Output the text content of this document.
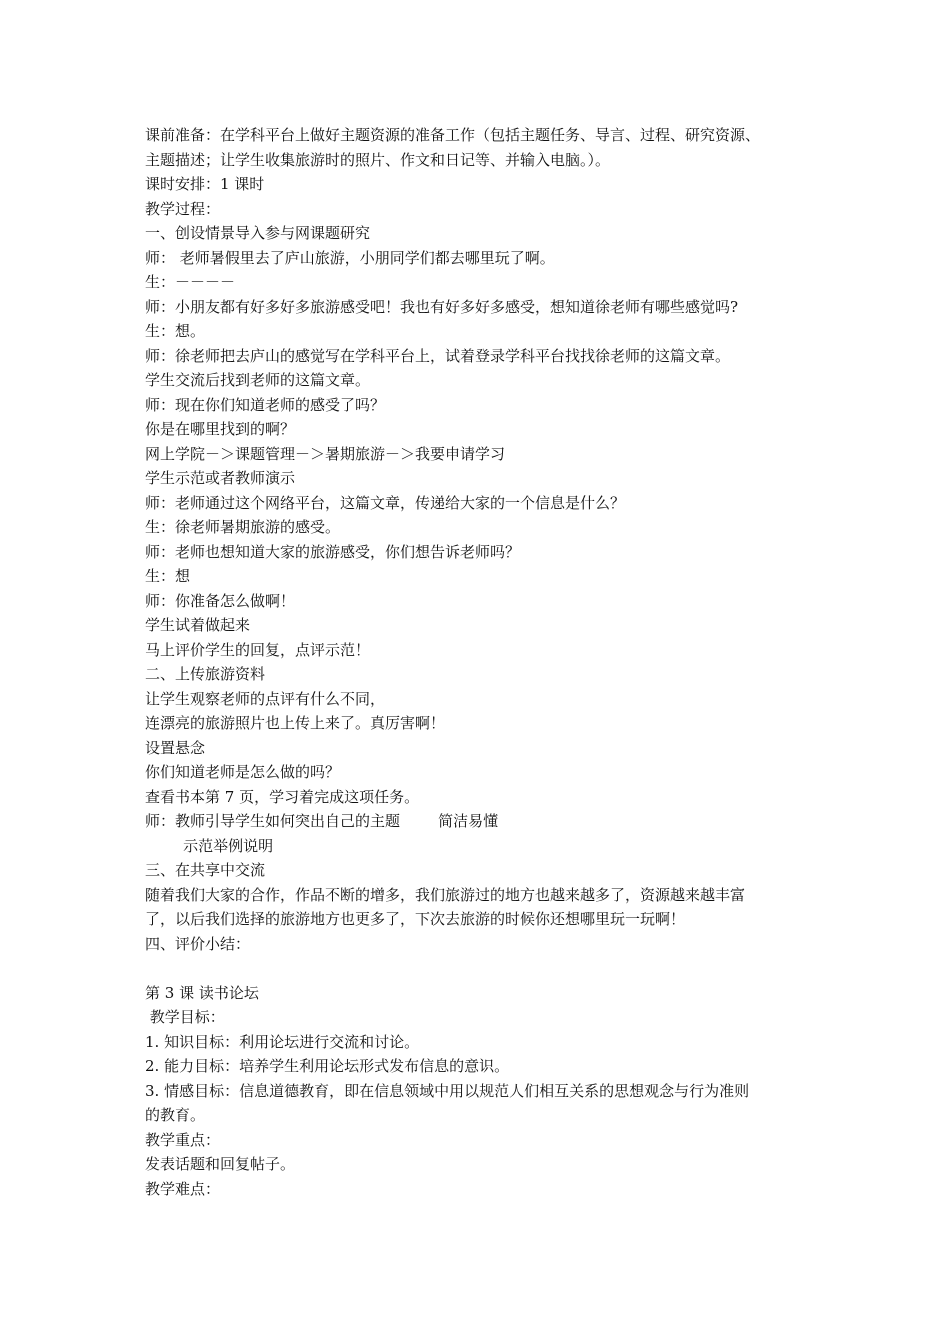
课前准备：在学科平台上做好主题资源的准备工作（包括主题任务、导言、过程、研究资源、
主题描述；让学生收集旅游时的照片、作文和日记等、并输入电脑。）。
课时安排：1 课时
教学过程：
一、创设情景导入参与网课题研究
师： 老师暑假里去了庐山旅游，小朋同学们都去哪里玩了啊。
生：－－－－
师：小朋友都有好多好多旅游感受吧！我也有好多好多感受，想知道徐老师有哪些感觉吗?
生：想。
师：徐老师把去庐山的感觉写在学科平台上，试着登录学科平台找找徐老师的这篇文章。
学生交流后找到老师的这篇文章。
师：现在你们知道老师的感受了吗？
你是在哪里找到的啊？
网上学院－＞课题管理－＞暑期旅游－＞我要申请学习
学生示范或者教师演示
师：老师通过这个网络平台，这篇文章，传递给大家的一个信息是什么？
生：徐老师暑期旅游的感受。
师：老师也想知道大家的旅游感受，你们想告诉老师吗？
生：想
师：你准备怎么做啊！
学生试着做起来
马上评价学生的回复，点评示范！
二、上传旅游资料
让学生观察老师的点评有什么不同，
连漂亮的旅游照片也上传上来了。真厉害啊！
设置悬念
你们知道老师是怎么做的吗？
查看书本第 7 页，学习着完成这项任务。
师：教师引导学生如何突出自己的主题        简洁易懂
示范举例说明
三、在共享中交流
随着我们大家的合作，作品不断的增多，我们旅游过的地方也越来越多了，资源越来越丰富
了，以后我们选择的旅游地方也更多了，下次去旅游的时候你还想哪里玩一玩啊！
四、评价小结：
第 3 课 读书论坛
教学目标：
1. 知识目标：利用论坛进行交流和讨论。
2. 能力目标：培养学生利用论坛形式发布信息的意识。
3. 情感目标：信息道德教育，即在信息领域中用以规范人们相互关系的思想观念与行为准则
的教育。
教学重点：
发表话题和回复帖子。
教学难点：
